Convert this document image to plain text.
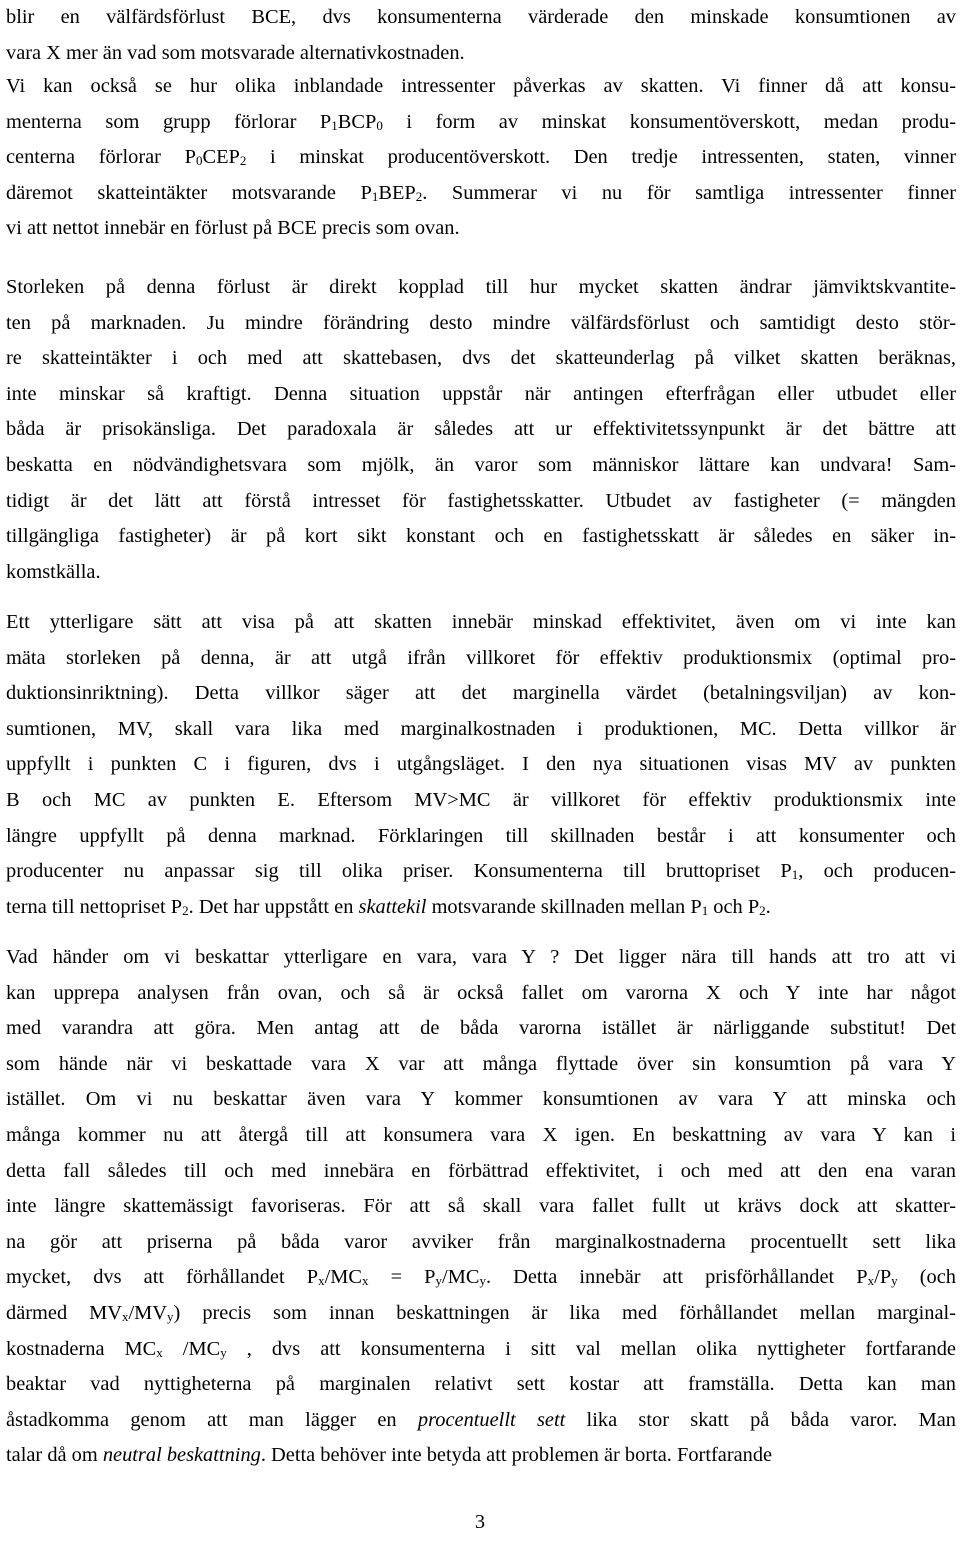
blir en välfärdsförlust BCE, dvs konsumenterna värderade den minskade konsumtionen av
vara X mer än vad som motsvarade alternativkostnaden.
Vi kan också se hur olika inblandade intressenter påverkas av skatten. Vi finner då att konsu-
menterna som grupp förlorar $P_1BCP_0$ i form av minskat konsumentöverskott, medan produ-
centerna förlorar $P_0CEP_2$ i minskat producentöverskott. Den tredje intressenten, staten, vinner
däremot skatteintäkter motsvarande $P_1BEP_2$. Summerar vi nu för samtliga intressenter finner
vi att nettot innebär en förlust på BCE precis som ovan.
Storleken på denna förlust är direkt kopplad till hur mycket skatten ändrar jämviktskvantite-
ten på marknaden. Ju mindre förändring desto mindre välfärdsförlust och samtidigt desto stör-
re skatteintäkter i och med att skattebasen, dvs det skatteunderlag på vilket skatten beräknas,
inte minskar så kraftigt. Denna situation uppstår när antingen efterfrågan eller utbudet eller
båda är prisokänsliga. Det paradoxala är således att ur effektivitetssynpunkt är det bättre att
beskatta en nödvändighetsvara som mjölk, än varor som människor lättare kan undvara! Sam-
tidigt är det lätt att förstå intresset för fastighetsskatter. Utbudet av fastigheter (= mängden
tillgängliga fastigheter) är på kort sikt konstant och en fastighetsskatt är således en säker in-
komstkälla.
Ett ytterligare sätt att visa på att skatten innebär minskad effektivitet, även om vi inte kan
mäta storleken på denna, är att utgå ifrån villkoret för effektiv produktionsmix (optimal pro-
duktionsinriktning). Detta villkor säger att det marginella värdet (betalningsviljan) av kon-
sumtionen, MV, skall vara lika med marginalkostnaden i produktionen, MC. Detta villkor är
uppfyllt i punkten C i figuren, dvs i utgångsläget. I den nya situationen visas MV av punkten
B och MC av punkten E. Eftersom MV>MC är villkoret för effektiv produktionsmix inte
längre uppfyllt på denna marknad. Förklaringen till skillnaden består i att konsumenter och
producenter nu anpassar sig till olika priser. Konsumenterna till bruttopriset $P_1$, och producen-
terna till nettopriset $P_2$. Det har uppstått en skattekil motsvarande skillnaden mellan $P_1$ och $P_2$.
Vad händer om vi beskattar ytterligare en vara, vara Y ? Det ligger nära till hands att tro att vi
kan upprepa analysen från ovan, och så är också fallet om varorna X och Y inte har något
med varandra att göra. Men antag att de båda varorna istället är närliggande substitut! Det
som hände när vi beskattade vara X var att många flyttade över sin konsumtion på vara Y
istället. Om vi nu beskattar även vara Y kommer konsumtionen av vara Y att minska och
många kommer nu att återgå till att konsumera vara X igen. En beskattning av vara Y kan i
detta fall således till och med innebära en förbättrad effektivitet, i och med att den ena varan
inte längre skattemässigt favoriseras. För att så skall vara fallet fullt ut krävs dock att skatter-
na gör att priserna på båda varor avviker från marginalkostnaderna procentuellt sett lika
mycket, dvs att förhållandet $P_x/MC_x = P_y/MC_y$. Detta innebär att prisförhållandet $P_x/P_y$ (och
därmed $MV_x/MV_y$) precis som innan beskattningen är lika med förhållandet mellan marginal-
kostnaderna $MC_x$ $/MC_y$ , dvs att konsumenterna i sitt val mellan olika nyttigheter fortfarande
beaktar vad nyttigheterna på marginalen relativt sett kostar att framställa. Detta kan man
åstadkomma genom att man lägger en procentuellt sett lika stor skatt på båda varor. Man
talar då om neutral beskattning. Detta behöver inte betyda att problemen är borta. Fortfarande
3
